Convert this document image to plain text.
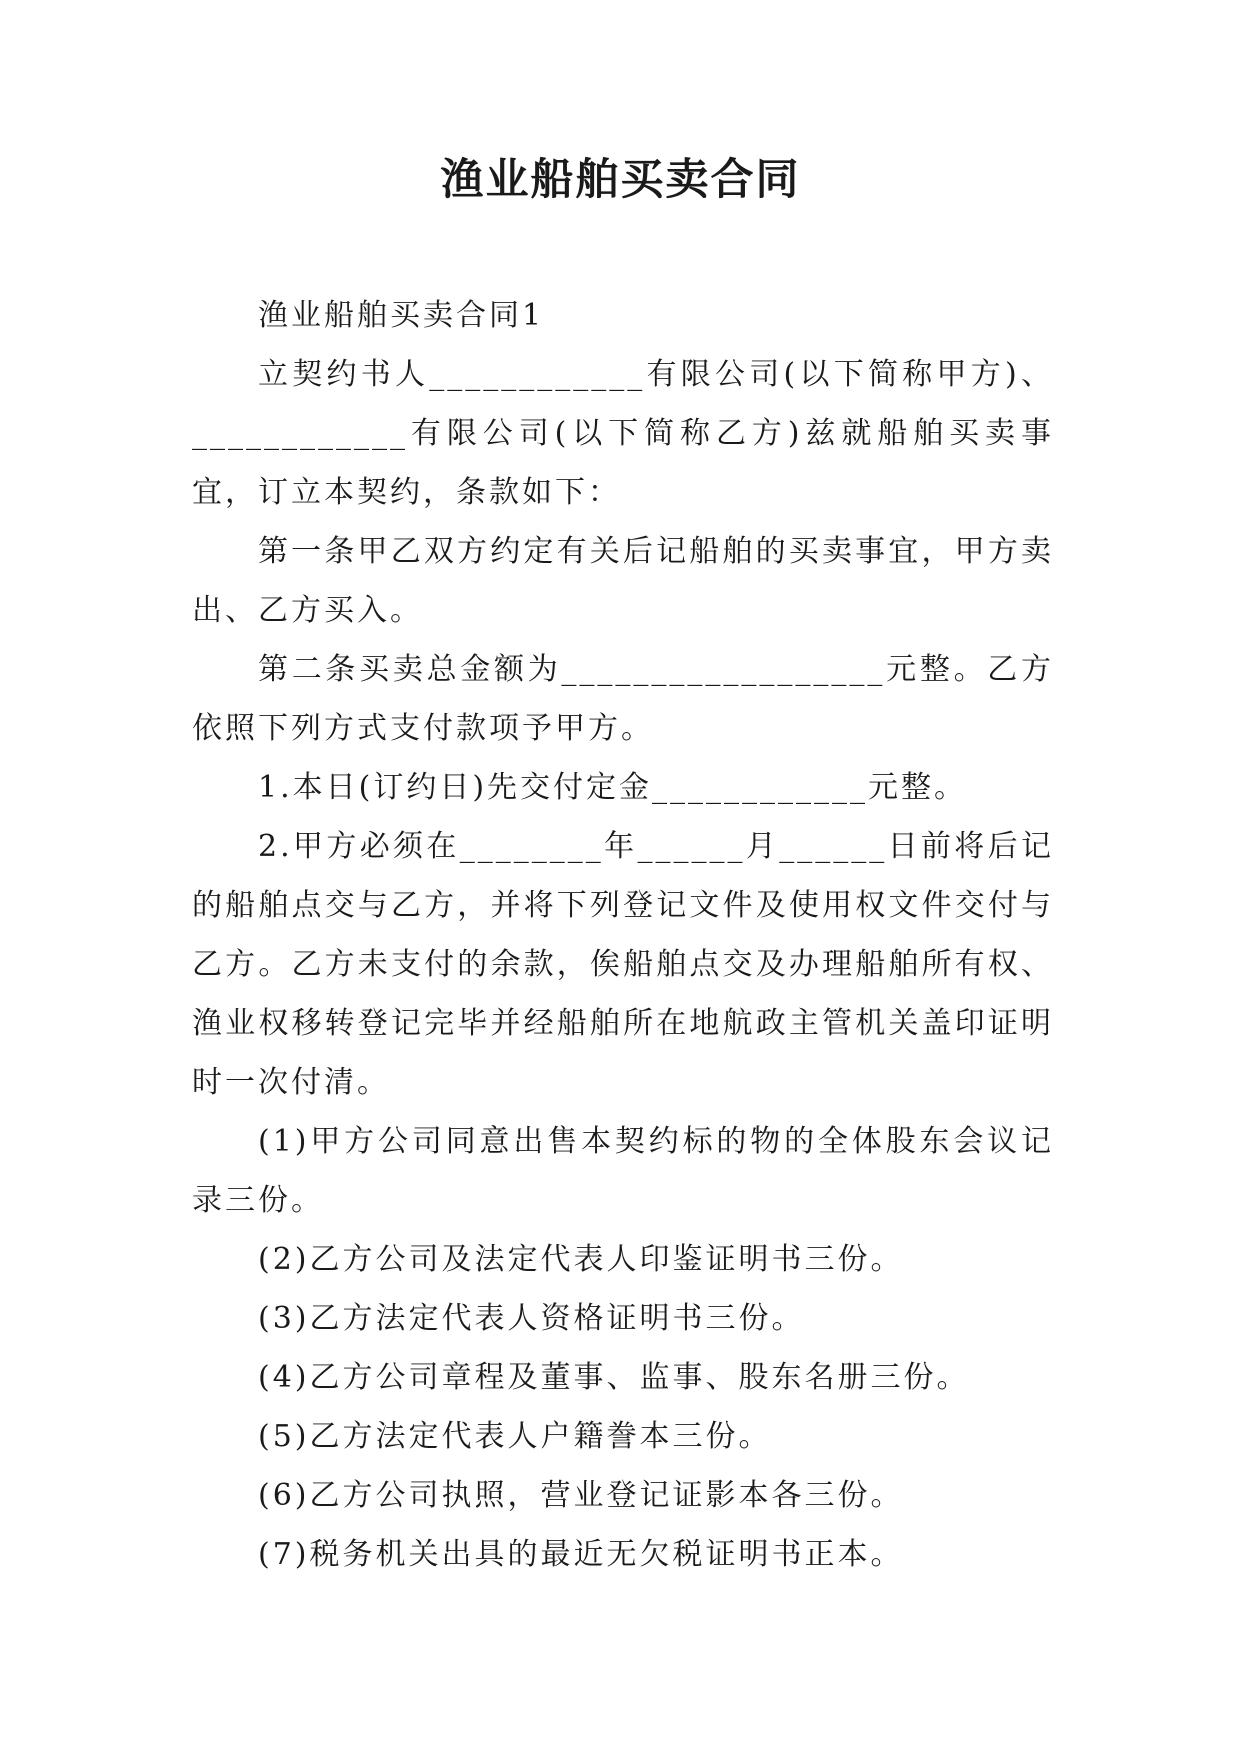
渔业船舶买卖合同

渔业船舶买卖合同1

立契约书人____________有限公司(以下简称甲方)、____________有限公司(以下简称乙方)兹就船舶买卖事宜，订立本契约，条款如下：

第一条甲乙双方约定有关后记船舶的买卖事宜，甲方卖出、乙方买入。

第二条买卖总金额为__________________元整。乙方依照下列方式支付款项予甲方。

1.本日(订约日)先交付定金____________元整。

2.甲方必须在________年______月______日前将后记的船舶点交与乙方，并将下列登记文件及使用权文件交付与乙方。乙方未支付的余款，俟船舶点交及办理船舶所有权、渔业权移转登记完毕并经船舶所在地航政主管机关盖印证明时一次付清。

(1)甲方公司同意出售本契约标的物的全体股东会议记录三份。

(2)乙方公司及法定代表人印鉴证明书三份。

(3)乙方法定代表人资格证明书三份。

(4)乙方公司章程及董事、监事、股东名册三份。

(5)乙方法定代表人户籍誊本三份。

(6)乙方公司执照，营业登记证影本各三份。

(7)税务机关出具的最近无欠税证明书正本。
